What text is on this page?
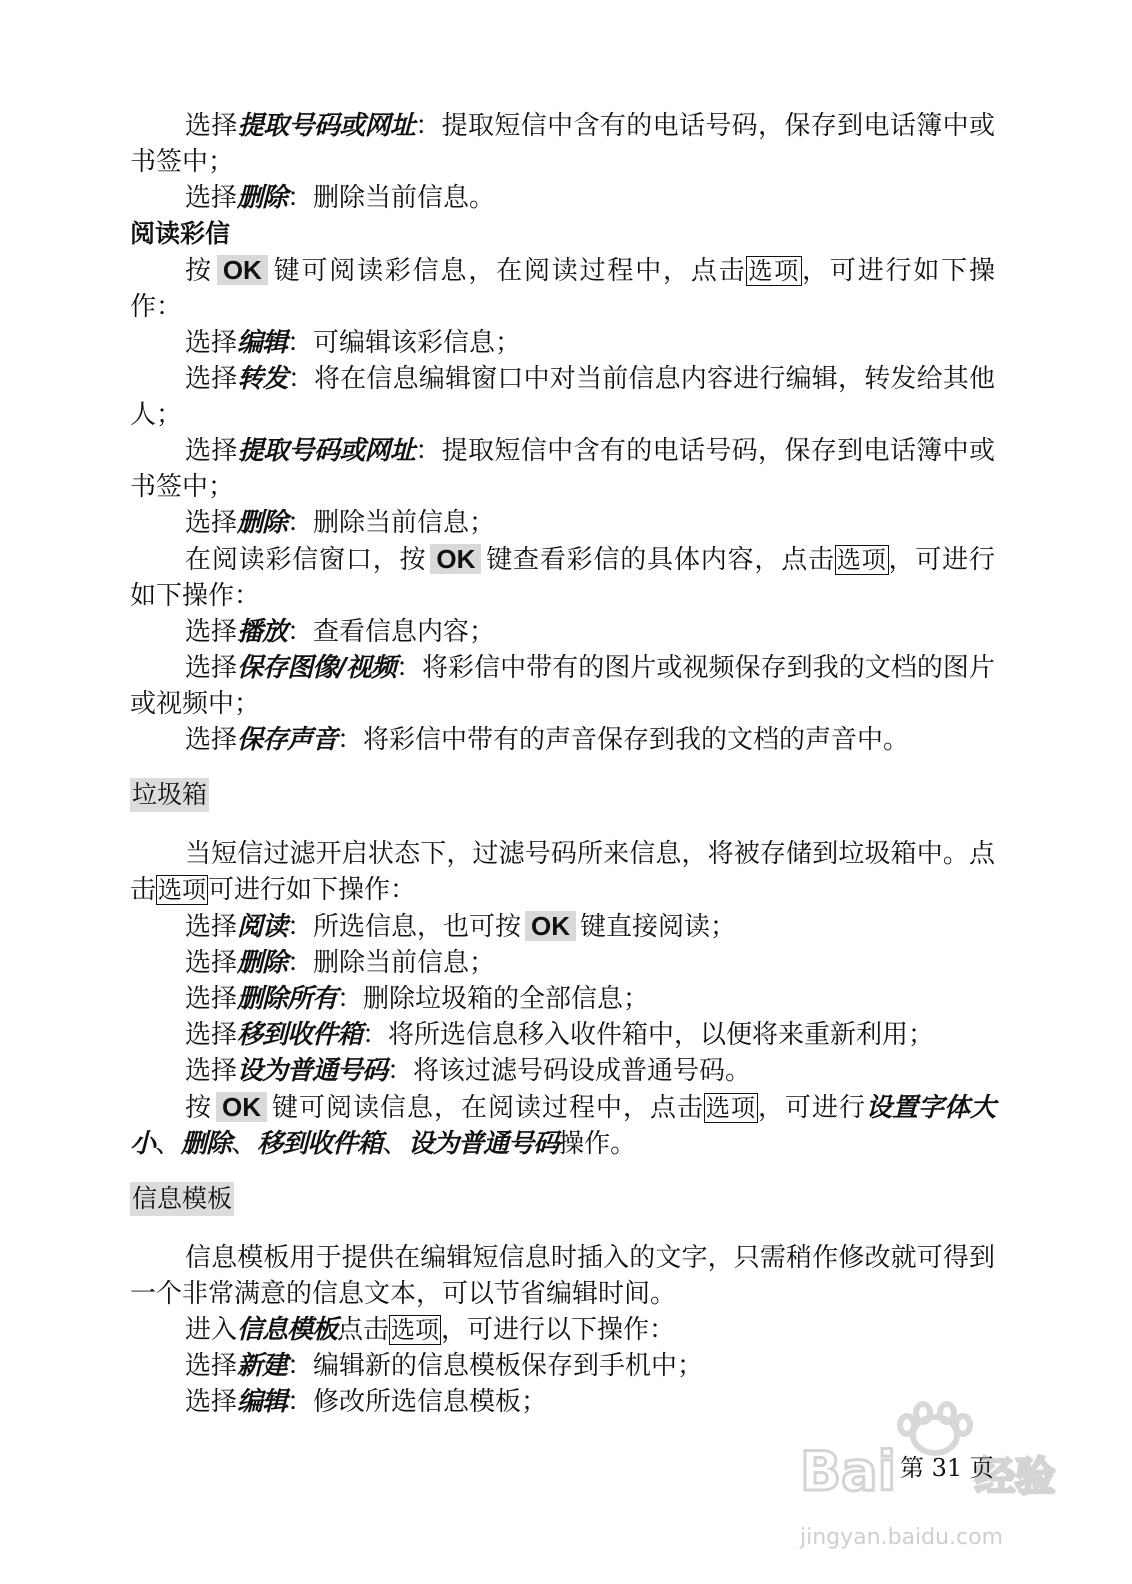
选择提取号码或网址：提取短信中含有的电话号码，保存到电话簿中或书签中；

选择删除：删除当前信息。

阅读彩信

按 OK 键可阅读彩信息，在阅读过程中，点击选项，可进行如下操作：

选择编辑：可编辑该彩信息；

选择转发：将在信息编辑窗口中对当前信息内容进行编辑，转发给其他人；

选择提取号码或网址：提取短信中含有的电话号码，保存到电话簿中或书签中；

选择删除：删除当前信息；

在阅读彩信窗口，按 OK 键查看彩信的具体内容，点击选项，可进行如下操作：

选择播放：查看信息内容；

选择保存图像/视频：将彩信中带有的图片或视频保存到我的文档的图片或视频中；

选择保存声音：将彩信中带有的声音保存到我的文档的声音中。

垃圾箱

当短信过滤开启状态下，过滤号码所来信息，将被存储到垃圾箱中。点击选项可进行如下操作：

选择阅读：所选信息，也可按 OK 键直接阅读；

选择删除：删除当前信息；

选择删除所有：删除垃圾箱的全部信息；

选择移到收件箱：将所选信息移入收件箱中，以便将来重新利用；

选择设为普通号码：将该过滤号码设成普通号码。

按 OK 键可阅读信息，在阅读过程中，点击选项，可进行设置字体大小、删除、移到收件箱、设为普通号码操作。

信息模板

信息模板用于提供在编辑短信息时插入的文字，只需稍作修改就可得到一个非常满意的信息文本，可以节省编辑时间。

进入信息模板点击选项，可进行以下操作：

选择新建：编辑新的信息模板保存到手机中；

选择编辑：修改所选信息模板；

Bai 经验
jingyan.baidu.com
第 31 页
